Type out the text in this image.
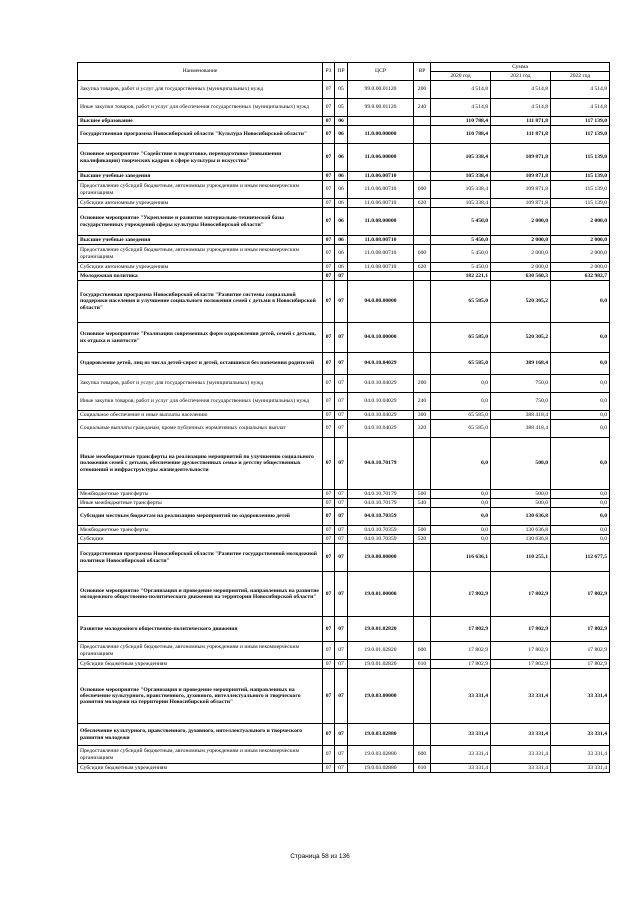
Наименование	РЗ	ПР	ЦСР	ВР	Сумма		
					2020 год	2021 год	2022 год
Закупка товаров, работ и услуг для государственных (муниципальных) нужд	07	05	99.0.00.01120	200	4 514,8	4 514,8	4 514,8
Иные закупки товаров, работ и услуг для обеспечения государственных (муниципальных) нужд	07	05	99.0.00.01120	240	4 514,8	4 514,8	4 514,8
Высшее образование	07	06			110 788,4	111 871,8	117 139,0
Государственная программа Новосибирской области "Культура Новосибирской области"	07	06	11.0.00.00000		110 788,4	111 871,8	117 139,0
Основное мероприятие "Содействие в подготовке, переподготовке (повышении квалификации) творческих кадров в сфере культуры и искусства"	07	06	11.0.06.00000		105 338,4	109 871,8	115 139,0
Высшие учебные заведения	07	06	11.0.06.00710		105 338,4	109 871,8	115 139,0
Предоставление субсидий бюджетным, автономным учреждениям и иным некоммерческим организациям	07	06	11.0.06.00710	600	105 338,4	109 871,8	115 139,0
Субсидии автономным учреждениям	07	06	11.0.06.00710	620	105 338,4	109 871,8	115 139,0
Основное мероприятие "Укрепление и развитие материально-технической базы государственных учреждений сферы культуры Новосибирской области"	07	06	11.0.08.00000		5 450,0	2 000,0	2 000,0
Высшие учебные заведения	07	06	11.0.08.00710		5 450,0	2 000,0	2 000,0
Предоставление субсидий бюджетным, автономным учреждениям и иным некоммерческим организациям	07	06	11.0.08.00710	600	5 450,0	2 000,0	2 000,0
Субсидии автономным учреждениям	07	06	11.0.08.00710	620	5 450,0	2 000,0	2 000,0
Молодежная политика	07	07			182 221,1	630 560,3	632 982,7
Государственная программа Новосибирской области "Развитие системы социальной поддержки населения и улучшение социального положения семей с детьми в Новосибирской области"	07	07	04.0.00.00000		65 585,0	520 305,2	0,0
Основное мероприятие "Реализация современных форм оздоровления детей, семей с детьми, их отдыха и занятости"	07	07	04.0.10.00000		65 585,0	520 305,2	0,0
Оздоровление детей, лиц из числа детей-сирот и детей, оставшихся без попечения родителей	07	07	04.0.10.04029		65 585,0	389 168,4	0,0
Закупка товаров, работ и услуг для государственных (муниципальных) нужд	07	07	04.0.10.04029	200	0,0	750,0	0,0
Иные закупки товаров, работ и услуг для обеспечения государственных (муниципальных) нужд	07	07	04.0.10.04029	240	0,0	750,0	0,0
Социальное обеспечение и иные выплаты населению	07	07	04.0.10.04029	300	65 585,0	388 418,4	0,0
Социальные выплаты гражданам, кроме публичных нормативных социальных выплат	07	07	04.0.10.04029	320	65 585,0	388 418,4	0,0
Иные межбюджетные трансферты на реализацию мероприятий по улучшению социального положения семей с детьми, обеспечение дружественных семье и детству общественных отношений и инфраструктуры жизнедеятельности	07	07	04.0.10.70179		0,0	500,0	0,0
Межбюджетные трансферты	07	07	04.0.10.70179	500	0,0	500,0	0,0
Иные межбюджетные трансферты	07	07	04.0.10.70179	540	0,0	500,0	0,0
Субсидии местным бюджетам на реализацию мероприятий по оздоровлению детей	07	07	04.0.10.70359		0,0	130 636,8	0,0
Межбюджетные трансферты	07	07	04.0.10.70359	500	0,0	130 636,8	0,0
Субсидии	07	07	04.0.10.70359	520	0,0	130 636,8	0,0
Государственная программа Новосибирской области "Развитие государственной молодежной политики Новосибирской области"	07	07	19.0.00.00000		116 636,1	110 255,1	112 677,5
Основное мероприятие "Организация и проведение мероприятий, направленных на развитие молодежного общественно-политического движения на территории Новосибирской области"	07	07	19.0.01.00000		17 802,9	17 802,9	17 802,9
Развитие молодежного общественно-политического движения	07	07	19.0.01.02820		17 802,9	17 802,9	17 802,9
Предоставление субсидий бюджетным, автономным учреждениям и иным некоммерческим организациям	07	07	19.0.01.02820	600	17 802,9	17 802,9	17 802,9
Субсидии бюджетным учреждениям	07	07	19.0.01.02820	610	17 802,9	17 802,9	17 802,9
Основное мероприятие "Организация и проведение мероприятий, направленных на обеспечение культурного, нравственного, духовного, интеллектуального и творческого развития молодежи на территории Новосибирской области"	07	07	19.0.03.00000		33 331,4	33 331,4	33 331,4
Обеспечение культурного, нравственного, духовного, интеллектуального и творческого развития молодежи	07	07	19.0.03.02880		33 331,4	33 331,4	33 331,4
Предоставление субсидий бюджетным, автономным учреждениям и иным некоммерческим организациям	07	07	19.0.03.02880	600	33 331,4	33 331,4	33 331,4
Субсидии бюджетным учреждениям	07	07	19.0.03.02880	610	33 331,4	33 331,4	33 331,4
Страница 58 из 136
